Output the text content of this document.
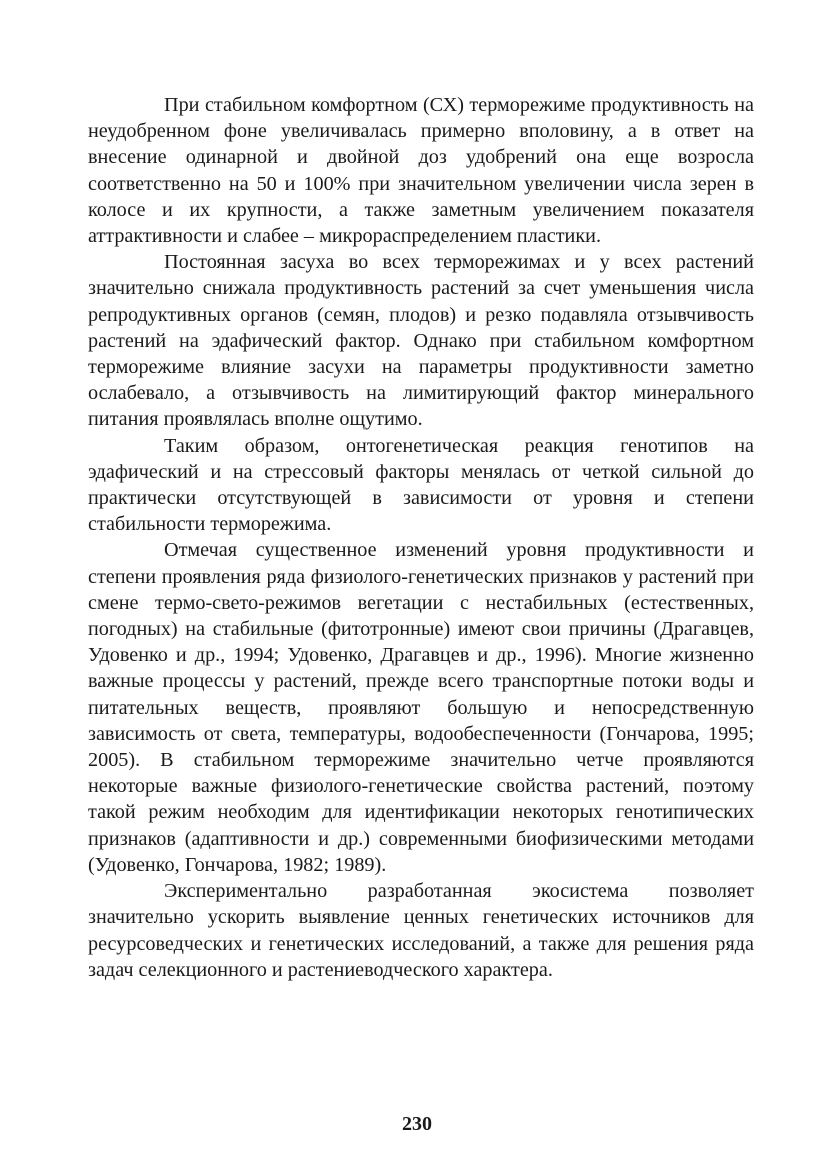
При стабильном комфортном (СХ) терморежиме продуктивность на неудобренном фоне увеличивалась примерно вполовину, а в ответ на внесение одинарной и двойной доз удобрений она еще возросла соответственно на 50 и 100% при значительном увеличении числа зерен в колосе и их крупности, а также заметным увеличением показателя аттрактивности и слабее – микрораспределением пластики.

Постоянная засуха во всех терморежимах и у всех растений значительно снижала продуктивность растений за счет уменьшения числа репродуктивных органов (семян, плодов) и резко подавляла отзывчивость растений на эдафический фактор. Однако при стабильном комфортном терморежиме влияние засухи на параметры продуктивности заметно ослабевало, а отзывчивость на лимитирующий фактор минерального питания проявлялась вполне ощутимо.

Таким образом, онтогенетическая реакция генотипов на эдафический и на стрессовый факторы менялась от четкой сильной до практически отсутствующей в зависимости от уровня и степени стабильности терморежима.

Отмечая существенное изменений уровня продуктивности и степени проявления ряда физиолого-генетических признаков у растений при смене термо-свето-режимов вегетации с нестабильных (естественных, погодных) на стабильные (фитотронные) имеют свои причины (Драгавцев, Удовенко и др., 1994; Удовенко, Драгавцев и др., 1996). Многие жизненно важные процессы у растений, прежде всего транспортные потоки воды и питательных веществ, проявляют большую и непосредственную зависимость от света, температуры, водообеспеченности (Гончарова, 1995; 2005). В стабильном терморежиме значительно четче проявляются некоторые важные физиолого-генетические свойства растений, поэтому такой режим необходим для идентификации некоторых генотипических признаков (адаптивности и др.) современными биофизическими методами (Удовенко, Гончарова, 1982; 1989).

Экспериментально разработанная экосистема позволяет значительно ускорить выявление ценных генетических источников для ресурсоведческих и генетических исследований, а также для решения ряда задач селекционного и растениеводческого характера.

230
